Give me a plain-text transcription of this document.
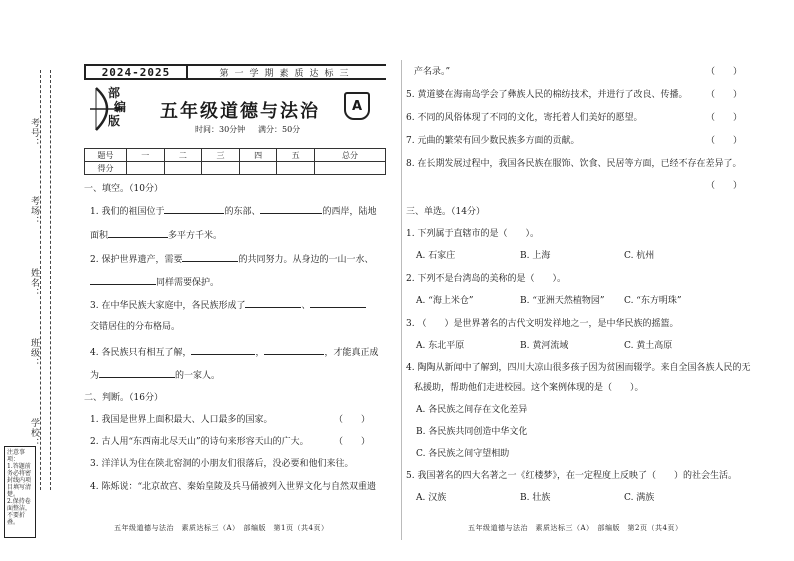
考号：
考场：
姓名：
班级：
学校：
注意事项：
1.答题前务必将密封线内项目填写清楚。
2.保持卷面整洁，不要折叠。
2024-2025	第一学期素质达标三
部
编
版 五年级道德与法治 A
时间：30分钟 满分：50分
题号	一	二	三	四	五	总分
得分						
一、填空。（10分）
1. 我们的祖国位于	的东部、	的西岸，陆地
面积	多平方千米。
2. 保护世界遗产，需要	的共同努力。从身边的一山一水、
同样需要保护。
3. 在中华民族大家庭中，各民族形成了	、
交错居住的分布格局。
4. 各民族只有相互了解，	，	，才能真正成
为	的一家人。
二、判断。（16分）
1. 我国是世界上面积最大、人口最多的国家。	（　　）
2. 古人用“东西南北尽天山”的诗句来形容天山的广大。	（　　）
3. 洋洋认为住在陕北窑洞的小朋友们很落后，没必要和他们来往。
4. 陈烁说：“北京故宫、秦始皇陵及兵马俑被列入世界文化与自然双重遗
五年级道德与法治　素质达标三（A）　部编版　第1页（共4页）
产名录。”	（　　）
5. 黄道婆在海南岛学会了彝族人民的棉纺技术，并进行了改良、传播。 （　　）
6. 不同的风俗体现了不同的文化，寄托着人们美好的愿望。	（　　）
7. 元曲的繁荣有回少数民族多方面的贡献。	（　　）
8. 在长期发展过程中，我国各民族在服饰、饮食、民居等方面，已经不存在差异了。
（　　）
三、单选。（14分）
1. 下列属于直辖市的是（　　）。
A. 石家庄	B. 上海	C. 杭州
2. 下列不是台湾岛的美称的是（　　）。
A. “海上米仓”	B. “亚洲天然植物园” C. “东方明珠”
3. （　　）是世界著名的古代文明发祥地之一，是中华民族的摇篮。
A. 东北平原	B. 黄河流域	C. 黄土高原
4. 陶陶从新闻中了解到，四川大凉山很多孩子因为贫困而辍学。来自全国各族人民的无
私援助，帮助他们走进校园。这个案例体现的是（　　）。
A. 各民族之间存在文化差异
B. 各民族共同创造中华文化
C. 各民族之间守望相助
5. 我国著名的四大名著之一《红楼梦》，在一定程度上反映了（　　）的社会生活。
A. 汉族	B. 壮族	C. 满族
五年级道德与法治　素质达标三（A）　部编版　第2页（共4页）
